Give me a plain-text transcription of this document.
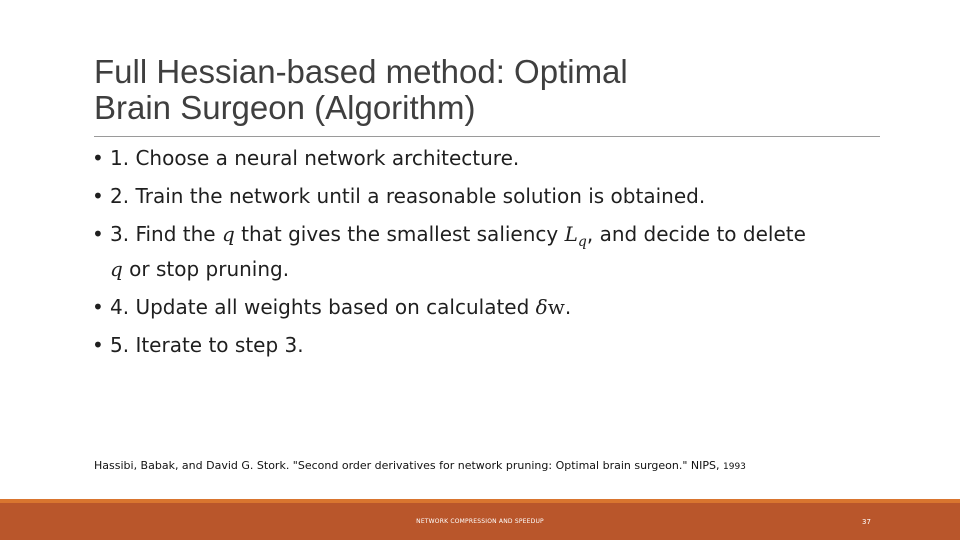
Full Hessian-based method: Optimal
Brain Surgeon (Algorithm)
• 1. Choose a neural network architecture.
• 2. Train the network until a reasonable solution is obtained.
• 3. Find the q that gives the smallest saliency $L_q$, and decide to delete
q or stop pruning.
• 4. Update all weights based on calculated δw.
• 5. Iterate to step 3.
Hassibi, Babak, and David G. Stork. "Second order derivatives for network pruning: Optimal brain surgeon." NIPS, 1993
NETWORK COMPRESSION AND SPEEDUP	37
